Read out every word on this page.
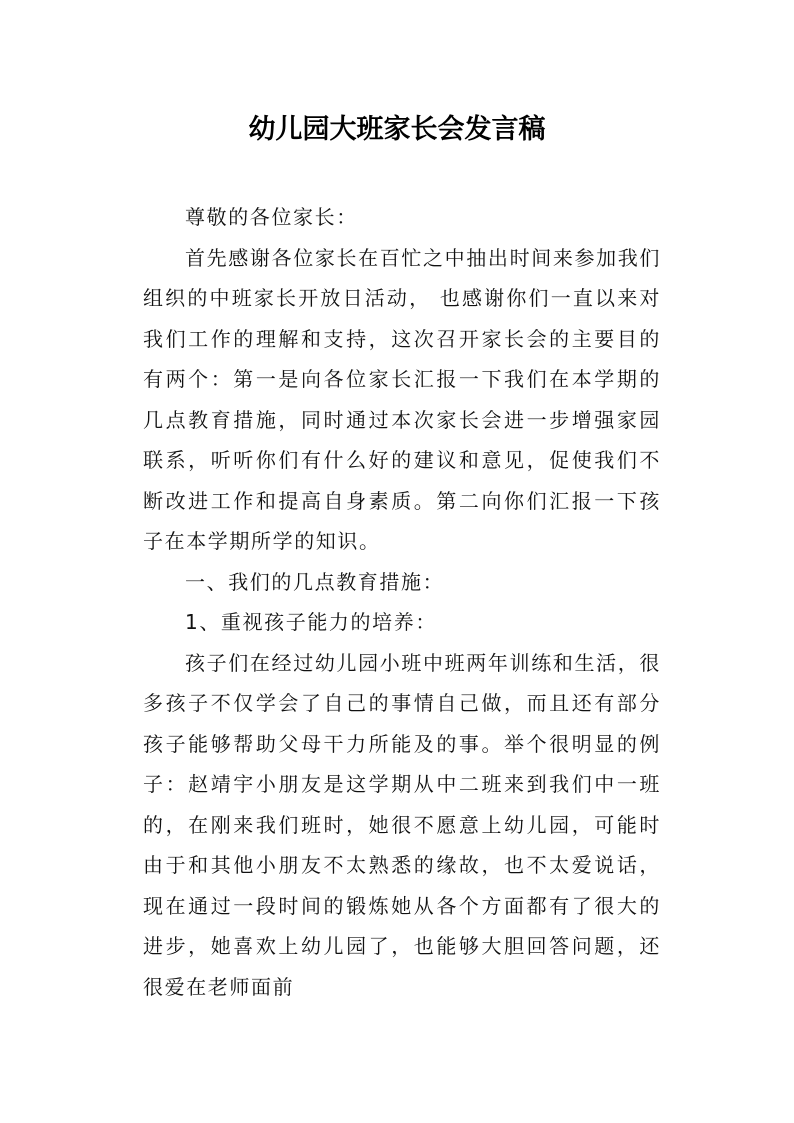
幼儿园大班家长会发言稿

尊敬的各位家长：

首先感谢各位家长在百忙之中抽出时间来参加我们组织的中班家长开放日活动， 也感谢你们一直以来对我们工作的理解和支持，这次召开家长会的主要目的有两个：第一是向各位家长汇报一下我们在本学期的几点教育措施，同时通过本次家长会进一步增强家园联系，听听你们有什么好的建议和意见，促使我们不断改进工作和提高自身素质。第二向你们汇报一下孩子在本学期所学的知识。

一、我们的几点教育措施：

1、重视孩子能力的培养：

孩子们在经过幼儿园小班中班两年训练和生活，很多孩子不仅学会了自己的事情自己做，而且还有部分孩子能够帮助父母干力所能及的事。举个很明显的例子：赵靖宇小朋友是这学期从中二班来到我们中一班的，在刚来我们班时，她很不愿意上幼儿园，可能时由于和其他小朋友不太熟悉的缘故，也不太爱说话，现在通过一段时间的锻炼她从各个方面都有了很大的进步，她喜欢上幼儿园了，也能够大胆回答问题，还很爱在老师面前
